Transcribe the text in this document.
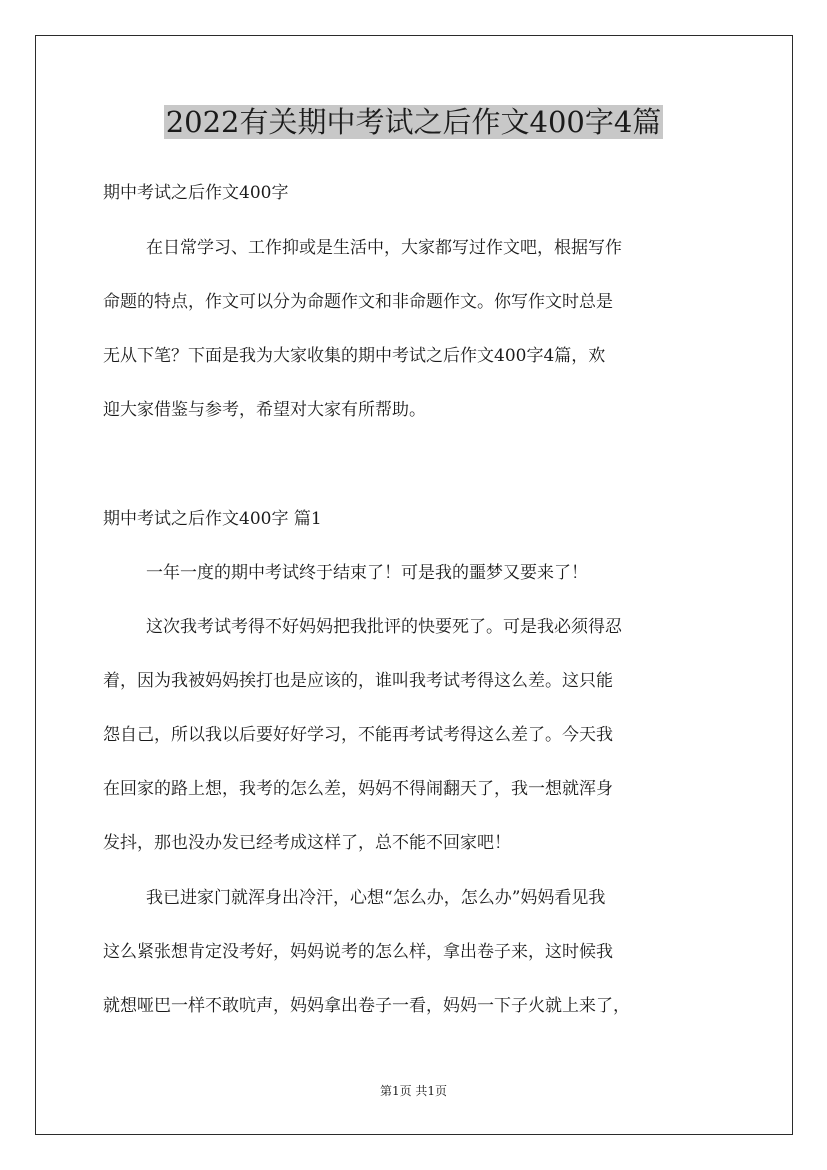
2022有关期中考试之后作文400字4篇
期中考试之后作文400字
在日常学习、工作抑或是生活中，大家都写过作文吧，根据写作
命题的特点，作文可以分为命题作文和非命题作文。你写作文时总是
无从下笔？下面是我为大家收集的期中考试之后作文400字4篇，欢
迎大家借鉴与参考，希望对大家有所帮助。
期中考试之后作文400字 篇1
一年一度的期中考试终于结束了！可是我的噩梦又要来了！
这次我考试考得不好妈妈把我批评的快要死了。可是我必须得忍
着，因为我被妈妈挨打也是应该的，谁叫我考试考得这么差。这只能
怨自己，所以我以后要好好学习，不能再考试考得这么差了。今天我
在回家的路上想，我考的怎么差，妈妈不得闹翻天了，我一想就浑身
发抖，那也没办发已经考成这样了，总不能不回家吧！
我已进家门就浑身出冷汗，心想“怎么办，怎么办”妈妈看见我
这么紧张想肯定没考好，妈妈说考的怎么样，拿出卷子来，这时候我
就想哑巴一样不敢吭声，妈妈拿出卷子一看，妈妈一下子火就上来了，
第1页 共1页
